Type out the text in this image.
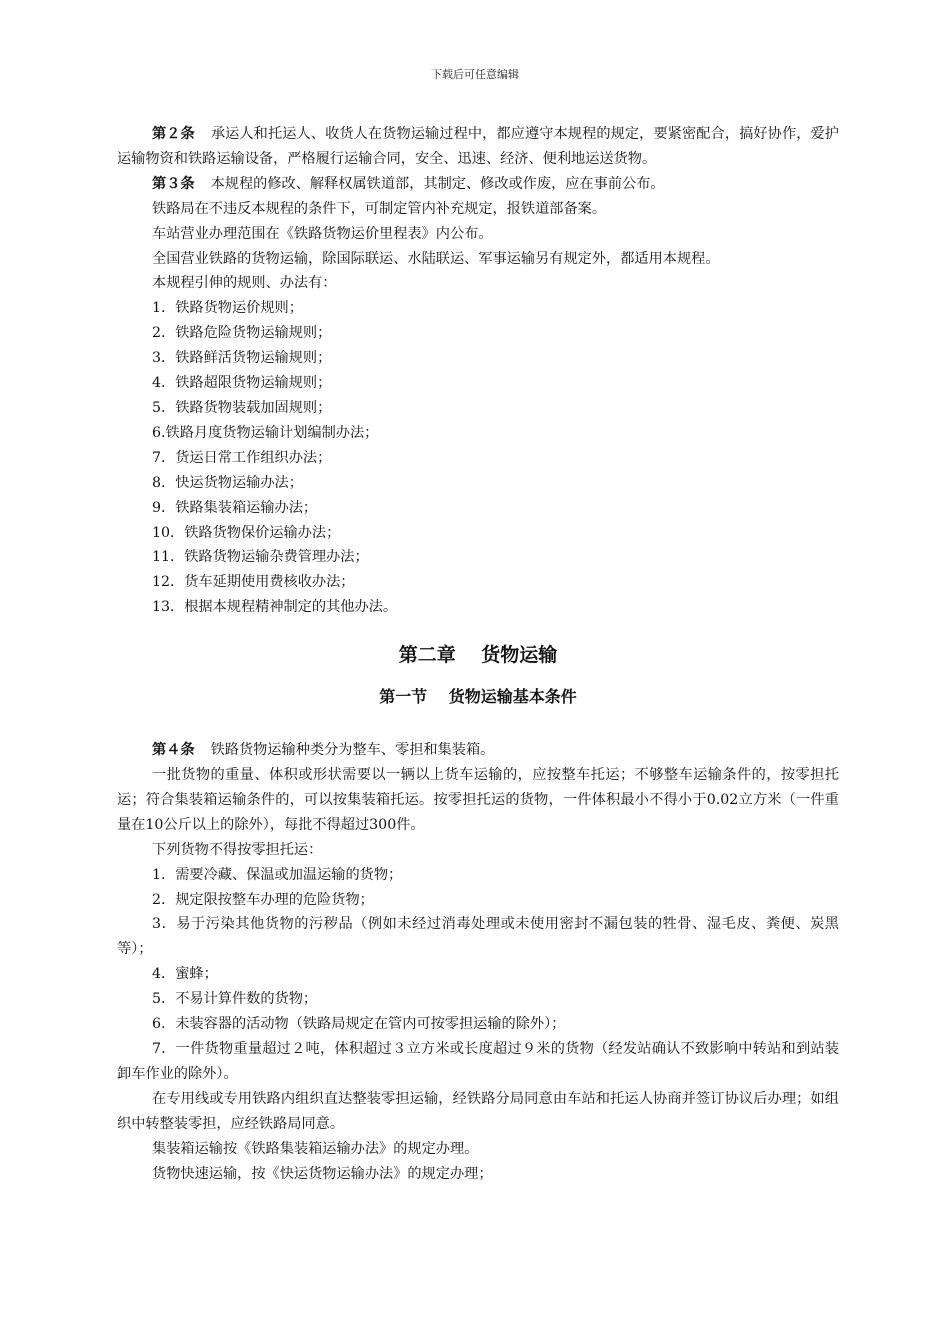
下载后可任意编辑

第２条 承运人和托运人、收货人在货物运输过程中，都应遵守本规程的规定，要紧密配合，搞好协作，爱护运输物资和铁路运输设备，严格履行运输合同，安全、迅速、经济、便利地运送货物。

第３条 本规程的修改、解释权属铁道部，其制定、修改或作废，应在事前公布。

铁路局在不违反本规程的条件下，可制定管内补充规定，报铁道部备案。

车站营业办理范围在《铁路货物运价里程表》内公布。

全国营业铁路的货物运输，除国际联运、水陆联运、军事运输另有规定外，都适用本规程。

本规程引伸的规则、办法有：

1．铁路货物运价规则；

2．铁路危险货物运输规则；

3．铁路鲜活货物运输规则；

4．铁路超限货物运输规则；

5．铁路货物装载加固规则；

6.铁路月度货物运输计划编制办法；

7．货运日常工作组织办法；

8．快运货物运输办法；

9．铁路集装箱运输办法；

10．铁路货物保价运输办法；

11．铁路货物运输杂费管理办法；

12．货车延期使用费核收办法；

13．根据本规程精神制定的其他办法。

第二章　 货物运输
第一节　 货物运输基本条件

第４条 铁路货物运输种类分为整车、零担和集装箱。

一批货物的重量、体积或形状需要以一辆以上货车运输的，应按整车托运；不够整车运输条件的，按零担托运；符合集装箱运输条件的，可以按集装箱托运。按零担托运的货物，一件体积最小不得小于0.02立方米（一件重量在10公斤以上的除外），每批不得超过300件。

下列货物不得按零担托运：

1．需要冷藏、保温或加温运输的货物；

2．规定限按整车办理的危险货物；

3．易于污染其他货物的污秽品（例如未经过消毒处理或未使用密封不漏包装的牲骨、湿毛皮、粪便、炭黑等）；

4．蜜蜂；

5．不易计算件数的货物；

6．未装容器的活动物（铁路局规定在管内可按零担运输的除外）；

7．一件货物重量超过２吨，体积超过３立方米或长度超过９米的货物（经发站确认不致影响中转站和到站装卸车作业的除外）。

在专用线或专用铁路内组织直达整装零担运输，经铁路分局同意由车站和托运人协商并签订协议后办理；如组织中转整装零担，应经铁路局同意。

集装箱运输按《铁路集装箱运输办法》的规定办理。

货物快速运输，按《快运货物运输办法》的规定办理；
